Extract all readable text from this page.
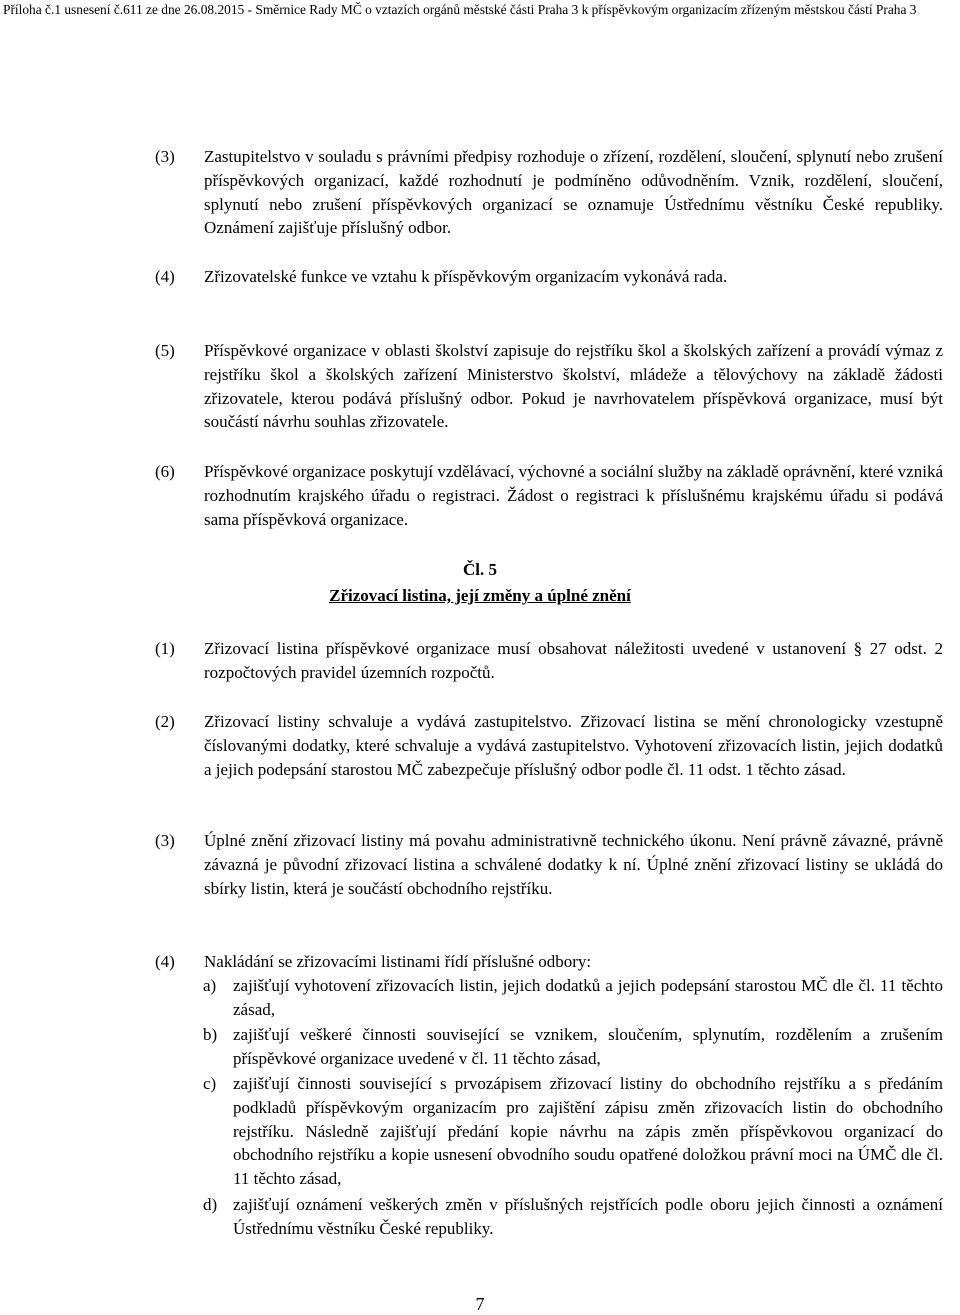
Příloha č.1 usnesení č.611 ze dne 26.08.2015 - Směrnice Rady MČ o vztazích orgánů městské části Praha 3 k příspěvkovým organizacím zřízeným městskou částí Praha 3
(3) Zastupitelstvo v souladu s právními předpisy rozhoduje o zřízení, rozdělení, sloučení, splynutí nebo zrušení příspěvkových organizací, každé rozhodnutí je podmíněno odůvodněním. Vznik, rozdělení, sloučení, splynutí nebo zrušení příspěvkových organizací se oznamuje Ústřednímu věstníku České republiky. Oznámení zajišťuje příslušný odbor.
(4) Zřizovatelské funkce ve vztahu k příspěvkovým organizacím vykonává rada.
(5) Příspěvkové organizace v oblasti školství zapisuje do rejstříku škol a školských zařízení a provádí výmaz z rejstříku škol a školských zařízení Ministerstvo školství, mládeže a tělovýchovy na základě žádosti zřizovatele, kterou podává příslušný odbor. Pokud je navrhovatelem příspěvková organizace, musí být součástí návrhu souhlas zřizovatele.
(6) Příspěvkové organizace poskytují vzdělávací, výchovné a sociální služby na základě oprávnění, které vzniká rozhodnutím krajského úřadu o registraci. Žádost o registraci k příslušnému krajskému úřadu si podává sama příspěvková organizace.
Čl. 5
Zřizovací listina, její změny a úplné znění
(1) Zřizovací listina příspěvkové organizace musí obsahovat náležitosti uvedené v ustanovení § 27 odst. 2 rozpočtových pravidel územních rozpočtů.
(2) Zřizovací listiny schvaluje a vydává zastupitelstvo. Zřizovací listina se mění chronologicky vzestupně číslovanými dodatky, které schvaluje a vydává zastupitelstvo. Vyhotovení zřizovacích listin, jejich dodatků a jejich podepsání starostou MČ zabezpečuje příslušný odbor podle čl. 11 odst. 1 těchto zásad.
(3) Úplné znění zřizovací listiny má povahu administrativně technického úkonu. Není právně závazné, právně závazná je původní zřizovací listina a schválené dodatky k ní. Úplné znění zřizovací listiny se ukládá do sbírky listin, která je součástí obchodního rejstříku.
(4) Nakládání se zřizovacími listinami řídí příslušné odbory:
a) zajišťují vyhotovení zřizovacích listin, jejich dodatků a jejich podepsání starostou MČ dle čl. 11 těchto zásad,
b) zajišťují veškeré činnosti související se vznikem, sloučením, splynutím, rozdělením a zrušením příspěvkové organizace uvedené v čl. 11 těchto zásad,
c) zajišťují činnosti související s prvozápisem zřizovací listiny do obchodního rejstříku a s předáním podkladů příspěvkovým organizacím pro zajištění zápisu změn zřizovacích listin do obchodního rejstříku. Následně zajišťují předání kopie návrhu na zápis změn příspěvkovou organizací do obchodního rejstříku a kopie usnesení obvodního soudu opatřené doložkou právní moci na ÚMČ dle čl. 11 těchto zásad,
d) zajišťují oznámení veškerých změn v příslušných rejstřících podle oboru jejich činnosti a oznámení Ústřednímu věstníku České republiky.
7
